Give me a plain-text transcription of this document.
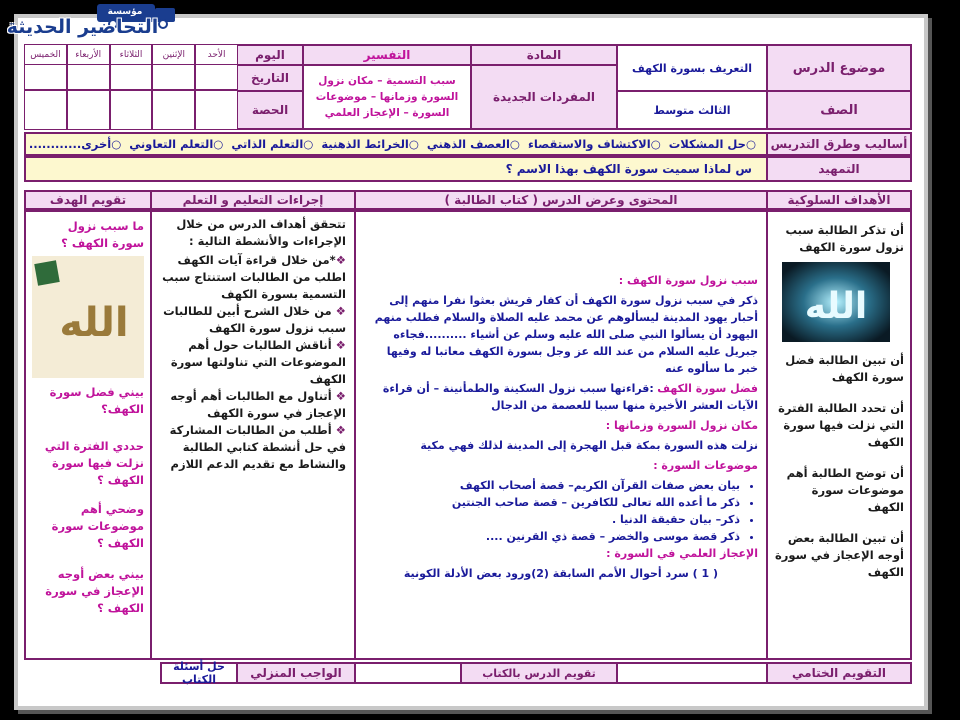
مؤسسة
التحاضير الحديثة
موضوع الدرس
التعريف بسورة الكهف
المادة
التفسير
اليوم
الأحد
الإثنين
الثلاثاء
الأربعاء
الخميس
المفردات الجديدة
سبب التسمية – مكان نزول السورة وزمانها – موضوعات السورة – الإعجاز العلمي
التاريخ
الحصة	الصف
الثالث متوسط
أساليب وطرق التدريس
○حل المشكلات
○الاكتشاف والاستقصاء
○العصف الذهني
○الخرائط الذهنية
○التعلم الذاتي
○التعلم التعاوني
○أخرى............
التمهيد
س لماذا سميت سورة الكهف بهذا الاسم ؟
الأهداف السلوكية
المحتوى وعرض الدرس ( كتاب الطالبة )
إجراءات التعليم و التعلم
تقويم الهدف
أن تذكر الطالبة سبب نزول سورة الكهف
الله
أن تبين الطالبة فضل سورة الكهف
أن تحدد الطالبة الفترة التي نزلت فيها سورة الكهف
أن توضح الطالبة أهم موضوعات سورة الكهف
أن تبين الطالبة بعض أوجه الإعجاز في سورة الكهف

سبب نزول سورة الكهف :

ذكر في سبب نزول سورة الكهف أن كفار قريش بعثوا نفرا منهم إلى أحبار يهود المدينة ليسألوهم عن محمد عليه الصلاة والسلام فطلب منهم اليهود أن يسألوا النبي صلى الله عليه وسلم عن أشياء ..........فجاءه جبريل عليه السلام من عند الله عز وجل بسورة الكهف معاتبا له وفيها خبر ما سألوه عنه

فضل سورة الكهف :قراءتها سبب نزول السكينة والطمأنينة – أن قراءة الآيات العشر الأخيرة منها سببا للعصمة من الدجال

مكان نزول السورة وزمانها :

نزلت هذه السورة بمكة قبل الهجرة إلى المدينة لذلك فهي مكية

موضوعات السورة :

• بيان بعض صفات القرآن الكريم– قصة أصحاب الكهف
• ذكر ما أعده الله تعالى للكافرين – قصة صاحب الجنتين
• ذكر– بيان حقيقة الدنيا .
• ذكر قصة موسى والخضر – قصة ذي القرنين ....

الإعجاز العلمي في السورة :

( 1 ) سرد أحوال الأمم السابقة (2)ورود بعض الأدلة الكونية

تتحقق أهداف الدرس من خلال الإجراءات والأنشطة التالية :
❖*من خلال قراءة آيات الكهف اطلب من الطالبات استنتاج سبب التسمية بسورة الكهف
❖ من خلال الشرح أبين للطالبات سبب نزول سورة الكهف
❖ أناقش الطالبات حول أهم الموضوعات التي تناولتها سورة الكهف
❖ أتناول مع الطالبات أهم أوجه الإعجاز في سورة الكهف
❖ أطلب من الطالبات المشاركة في حل أنشطة كتابي الطالبة والنشاط مع تقديم الدعم اللازم
ما سبب نزول سورة الكهف ؟
الله
بيني فضل سورة الكهف؟
حددي الفترة التي نزلت فيها سورة الكهف ؟
وضحي أهم موضوعات سورة الكهف ؟
بيني بعض أوجه الإعجاز في سورة الكهف ؟
التقويم الختامي
تقويم الدرس بالكتاب
الواجب المنزلي
حل أسئلة الكتاب
